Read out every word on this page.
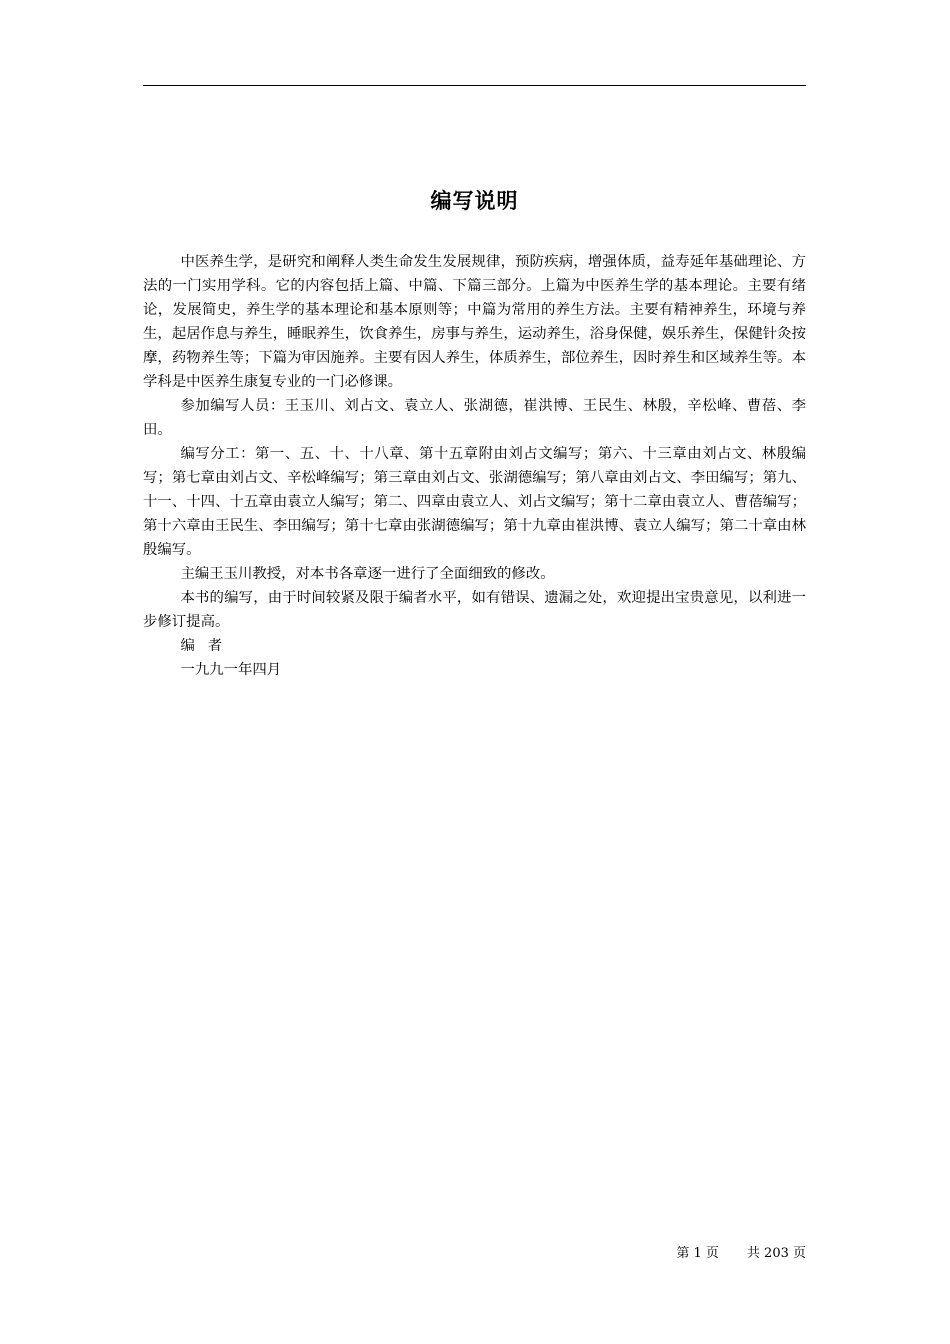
编写说明

中医养生学，是研究和阐释人类生命发生发展规律，预防疾病，增强体质，益寿延年基础理论、方法的一门实用学科。它的内容包括上篇、中篇、下篇三部分。上篇为中医养生学的基本理论。主要有绪论，发展简史，养生学的基本理论和基本原则等；中篇为常用的养生方法。主要有精神养生，环境与养生，起居作息与养生，睡眠养生，饮食养生，房事与养生，运动养生，浴身保健，娱乐养生，保健针灸按摩，药物养生等；下篇为审因施养。主要有因人养生，体质养生，部位养生，因时养生和区域养生等。本学科是中医养生康复专业的一门必修课。

参加编写人员：王玉川、刘占文、袁立人、张湖德，崔洪博、王民生、林殷，辛松峰、曹蓓、李田。

编写分工：第一、五、十、十八章、第十五章附由刘占文编写；第六、十三章由刘占文、林殷编写；第七章由刘占文、辛松峰编写；第三章由刘占文、张湖德编写；第八章由刘占文、李田编写；第九、十一、十四、十五章由袁立人编写；第二、四章由袁立人、刘占文编写；第十二章由袁立人、曹蓓编写；第十六章由王民生、李田编写；第十七章由张湖德编写；第十九章由崔洪博、袁立人编写；第二十章由林殷编写。

主编王玉川教授，对本书各章逐一进行了全面细致的修改。

本书的编写，由于时间较紧及限于编者水平，如有错误、遗漏之处，欢迎提出宝贵意见，以利进一步修订提高。

编者

一九九一年四月

第 1 页 共 203 页
